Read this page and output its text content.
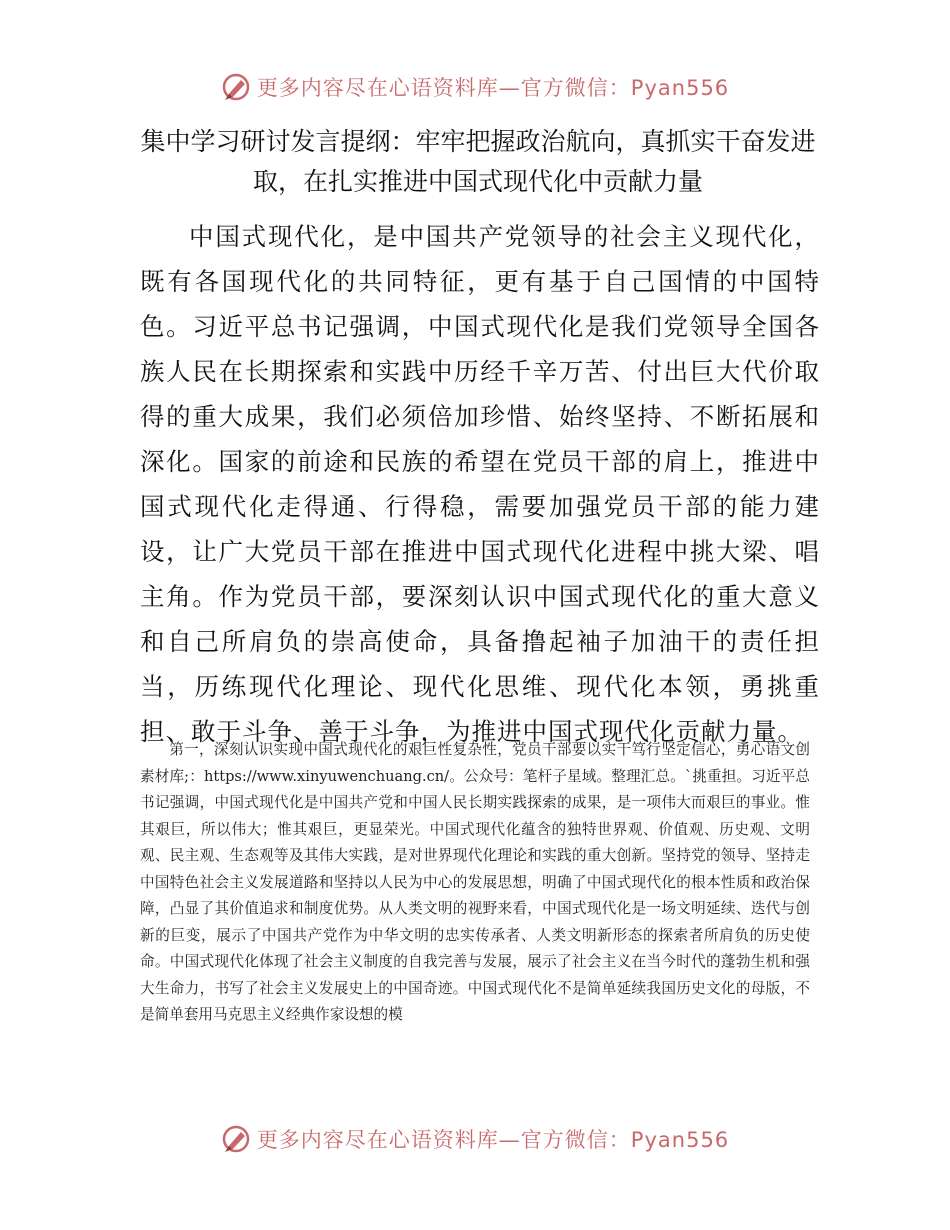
更多内容尽在心语资料库—官方微信：Pyan556
集中学习研讨发言提纲：牢牢把握政治航向，真抓实干奋发进取，在扎实推进中国式现代化中贡献力量

中国式现代化，是中国共产党领导的社会主义现代化，既有各国现代化的共同特征，更有基于自己国情的中国特色。习近平总书记强调，中国式现代化是我们党领导全国各族人民在长期探索和实践中历经千辛万苦、付出巨大代价取得的重大成果，我们必须倍加珍惜、始终坚持、不断拓展和深化。国家的前途和民族的希望在党员干部的肩上，推进中国式现代化走得通、行得稳，需要加强党员干部的能力建设，让广大党员干部在推进中国式现代化进程中挑大梁、唱主角。作为党员干部，要深刻认识中国式现代化的重大意义和自己所肩负的崇高使命，具备撸起袖子加油干的责任担当，历练现代化理论、现代化思维、现代化本领，勇挑重担、敢于斗争、善于斗争，为推进中国式现代化贡献力量。

第一，深刻认识实现中国式现代化的艰巨性复杂性，党员干部要以实干笃行坚定信心，勇心语文创素材库;：https://www.xinyuwenchuang.cn/。公众号：笔杆子星域。整理汇总。`挑重担。习近平总书记强调，中国式现代化是中国共产党和中国人民长期实践探索的成果，是一项伟大而艰巨的事业。惟其艰巨，所以伟大；惟其艰巨，更显荣光。中国式现代化蕴含的独特世界观、价值观、历史观、文明观、民主观、生态观等及其伟大实践，是对世界现代化理论和实践的重大创新。坚持党的领导、坚持走中国特色社会主义发展道路和坚持以人民为中心的发展思想，明确了中国式现代化的根本性质和政治保障，凸显了其价值追求和制度优势。从人类文明的视野来看，中国式现代化是一场文明延续、迭代与创新的巨变，展示了中国共产党作为中华文明的忠实传承者、人类文明新形态的探索者所肩负的历史使命。中国式现代化体现了社会主义制度的自我完善与发展，展示了社会主义在当今时代的蓬勃生机和强大生命力，书写了社会主义发展史上的中国奇迹。中国式现代化不是简单延续我国历史文化的母版，不是简单套用马克思主义经典作家设想的模

更多内容尽在心语资料库—官方微信：Pyan556
